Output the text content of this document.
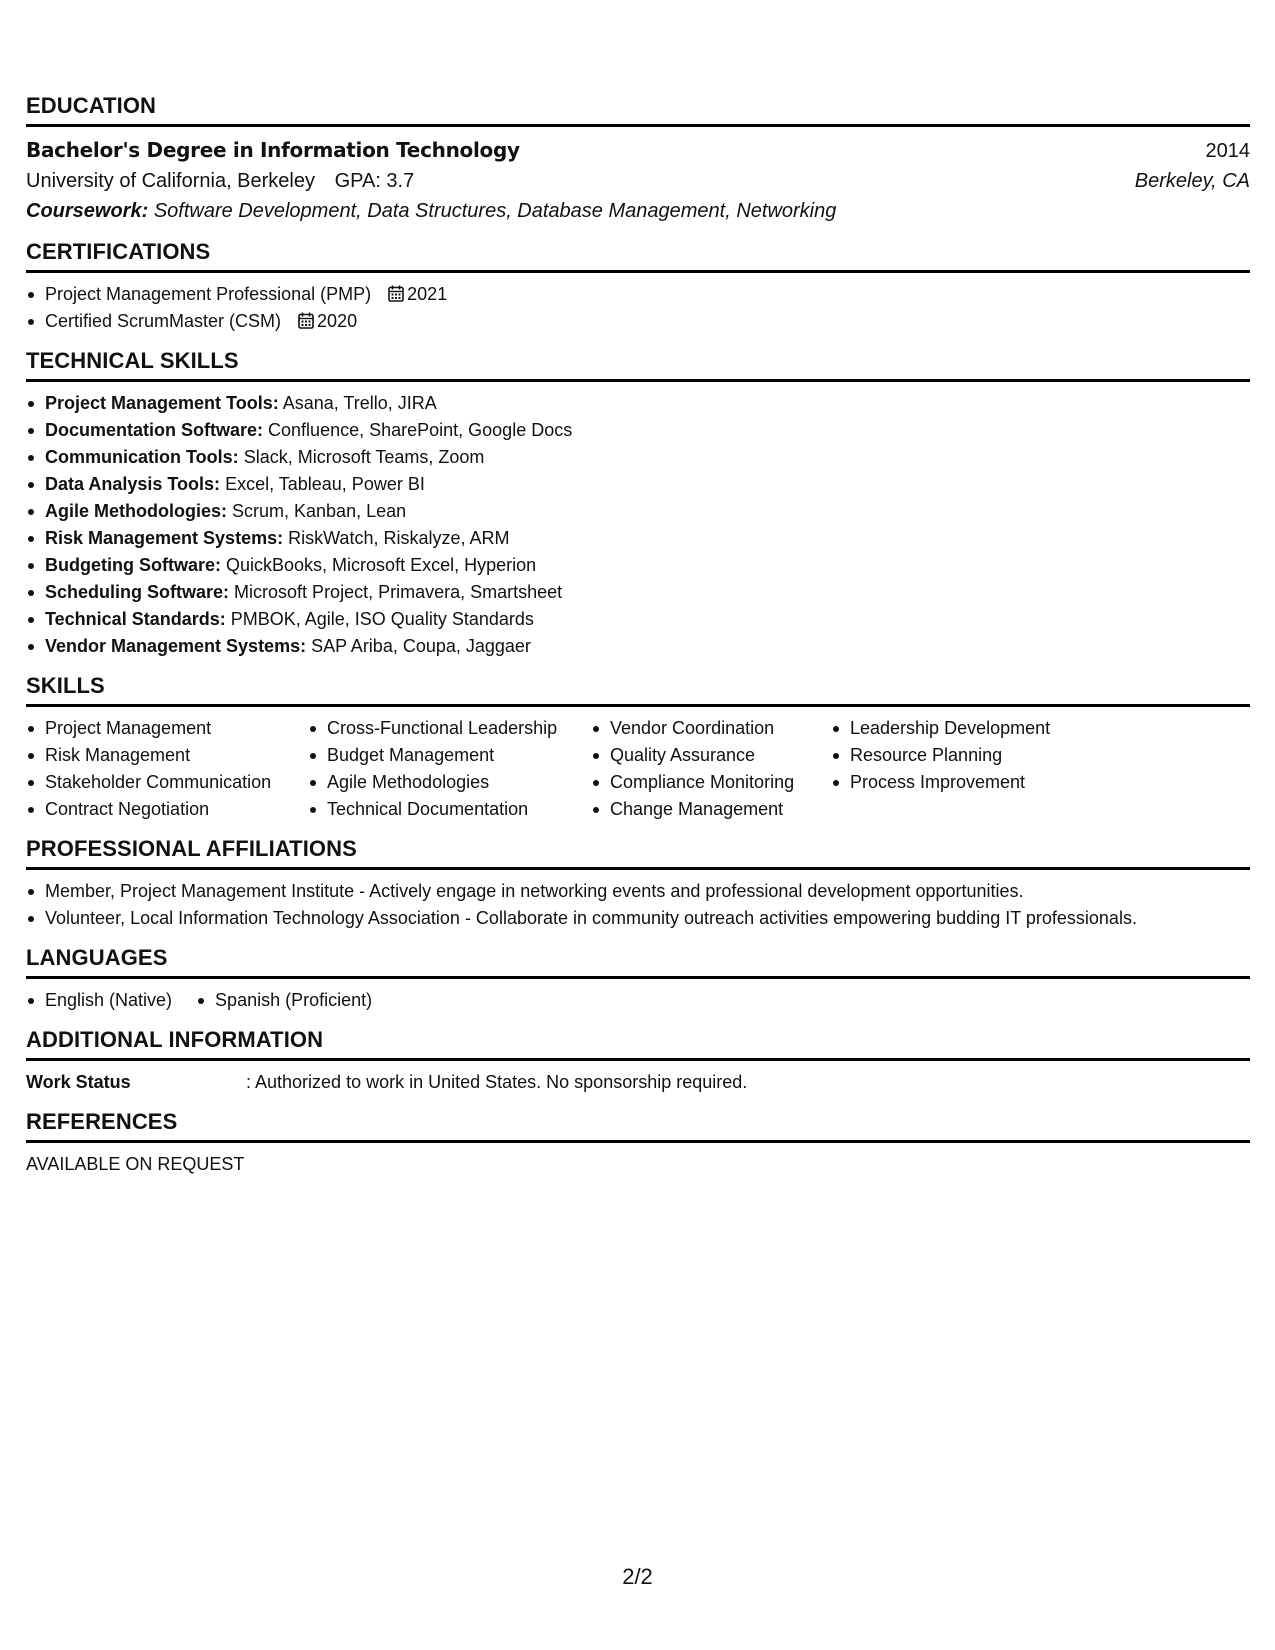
EDUCATION
Bachelor's Degree in Information Technology	2014
University of California, Berkeley GPA: 3.7	Berkeley, CA
Coursework: Software Development, Data Structures, Database Management, Networking
CERTIFICATIONS
Project Management Professional (PMP) 2021
Certified ScrumMaster (CSM) 2020
TECHNICAL SKILLS
Project Management Tools: Asana, Trello, JIRA
Documentation Software: Confluence, SharePoint, Google Docs
Communication Tools: Slack, Microsoft Teams, Zoom
Data Analysis Tools: Excel, Tableau, Power BI
Agile Methodologies: Scrum, Kanban, Lean
Risk Management Systems: RiskWatch, Riskalyze, ARM
Budgeting Software: QuickBooks, Microsoft Excel, Hyperion
Scheduling Software: Microsoft Project, Primavera, Smartsheet
Technical Standards: PMBOK, Agile, ISO Quality Standards
Vendor Management Systems: SAP Ariba, Coupa, Jaggaer
SKILLS
Project Management
Risk Management
Stakeholder Communication
Contract Negotiation
Cross-Functional Leadership
Budget Management
Agile Methodologies
Technical Documentation
Vendor Coordination
Quality Assurance
Compliance Monitoring
Change Management
Leadership Development
Resource Planning
Process Improvement
PROFESSIONAL AFFILIATIONS
Member, Project Management Institute - Actively engage in networking events and professional development opportunities.
Volunteer, Local Information Technology Association - Collaborate in community outreach activities empowering budding IT professionals.
LANGUAGES
English (Native)	Spanish (Proficient)
ADDITIONAL INFORMATION
Work Status	: Authorized to work in United States. No sponsorship required.
REFERENCES
AVAILABLE ON REQUEST
2/2
